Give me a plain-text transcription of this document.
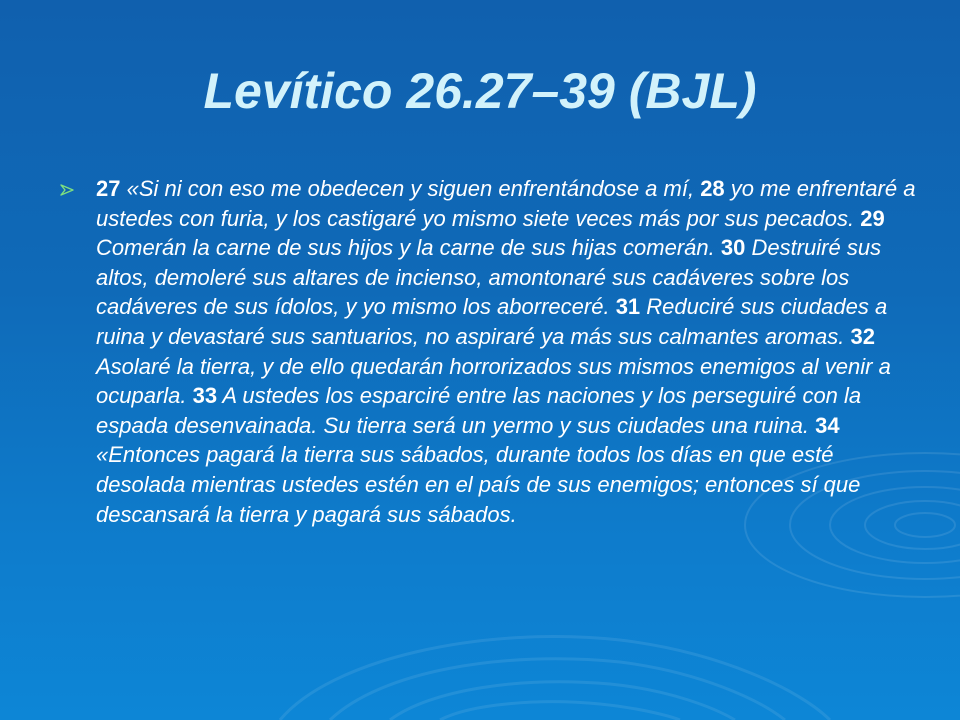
Levítico 26.27–39 (BJL)

27 «Si ni con eso me obedecen y siguen enfrentándose a mí, 28 yo me enfrentaré a ustedes con furia, y los castigaré yo mismo siete veces más por sus pecados. 29 Comerán la carne de sus hijos y la carne de sus hijas comerán. 30 Destruiré sus altos, demoleré sus altares de incienso, amontonaré sus cadáveres sobre los cadáveres de sus ídolos, y yo mismo los aborreceré. 31 Reduciré sus ciudades a ruina y devastaré sus santuarios, no aspiraré ya más sus calmantes aromas. 32 Asolaré la tierra, y de ello quedarán horrorizados sus mismos enemigos al venir a ocuparla. 33 A ustedes los esparciré entre las naciones y los perseguiré con la espada desenvainada. Su tierra será un yermo y sus ciudades una ruina. 34 «Entonces pagará la tierra sus sábados, durante todos los días en que esté desolada mientras ustedes estén en el país de sus enemigos; entonces sí que descansará la tierra y pagará sus sábados.
